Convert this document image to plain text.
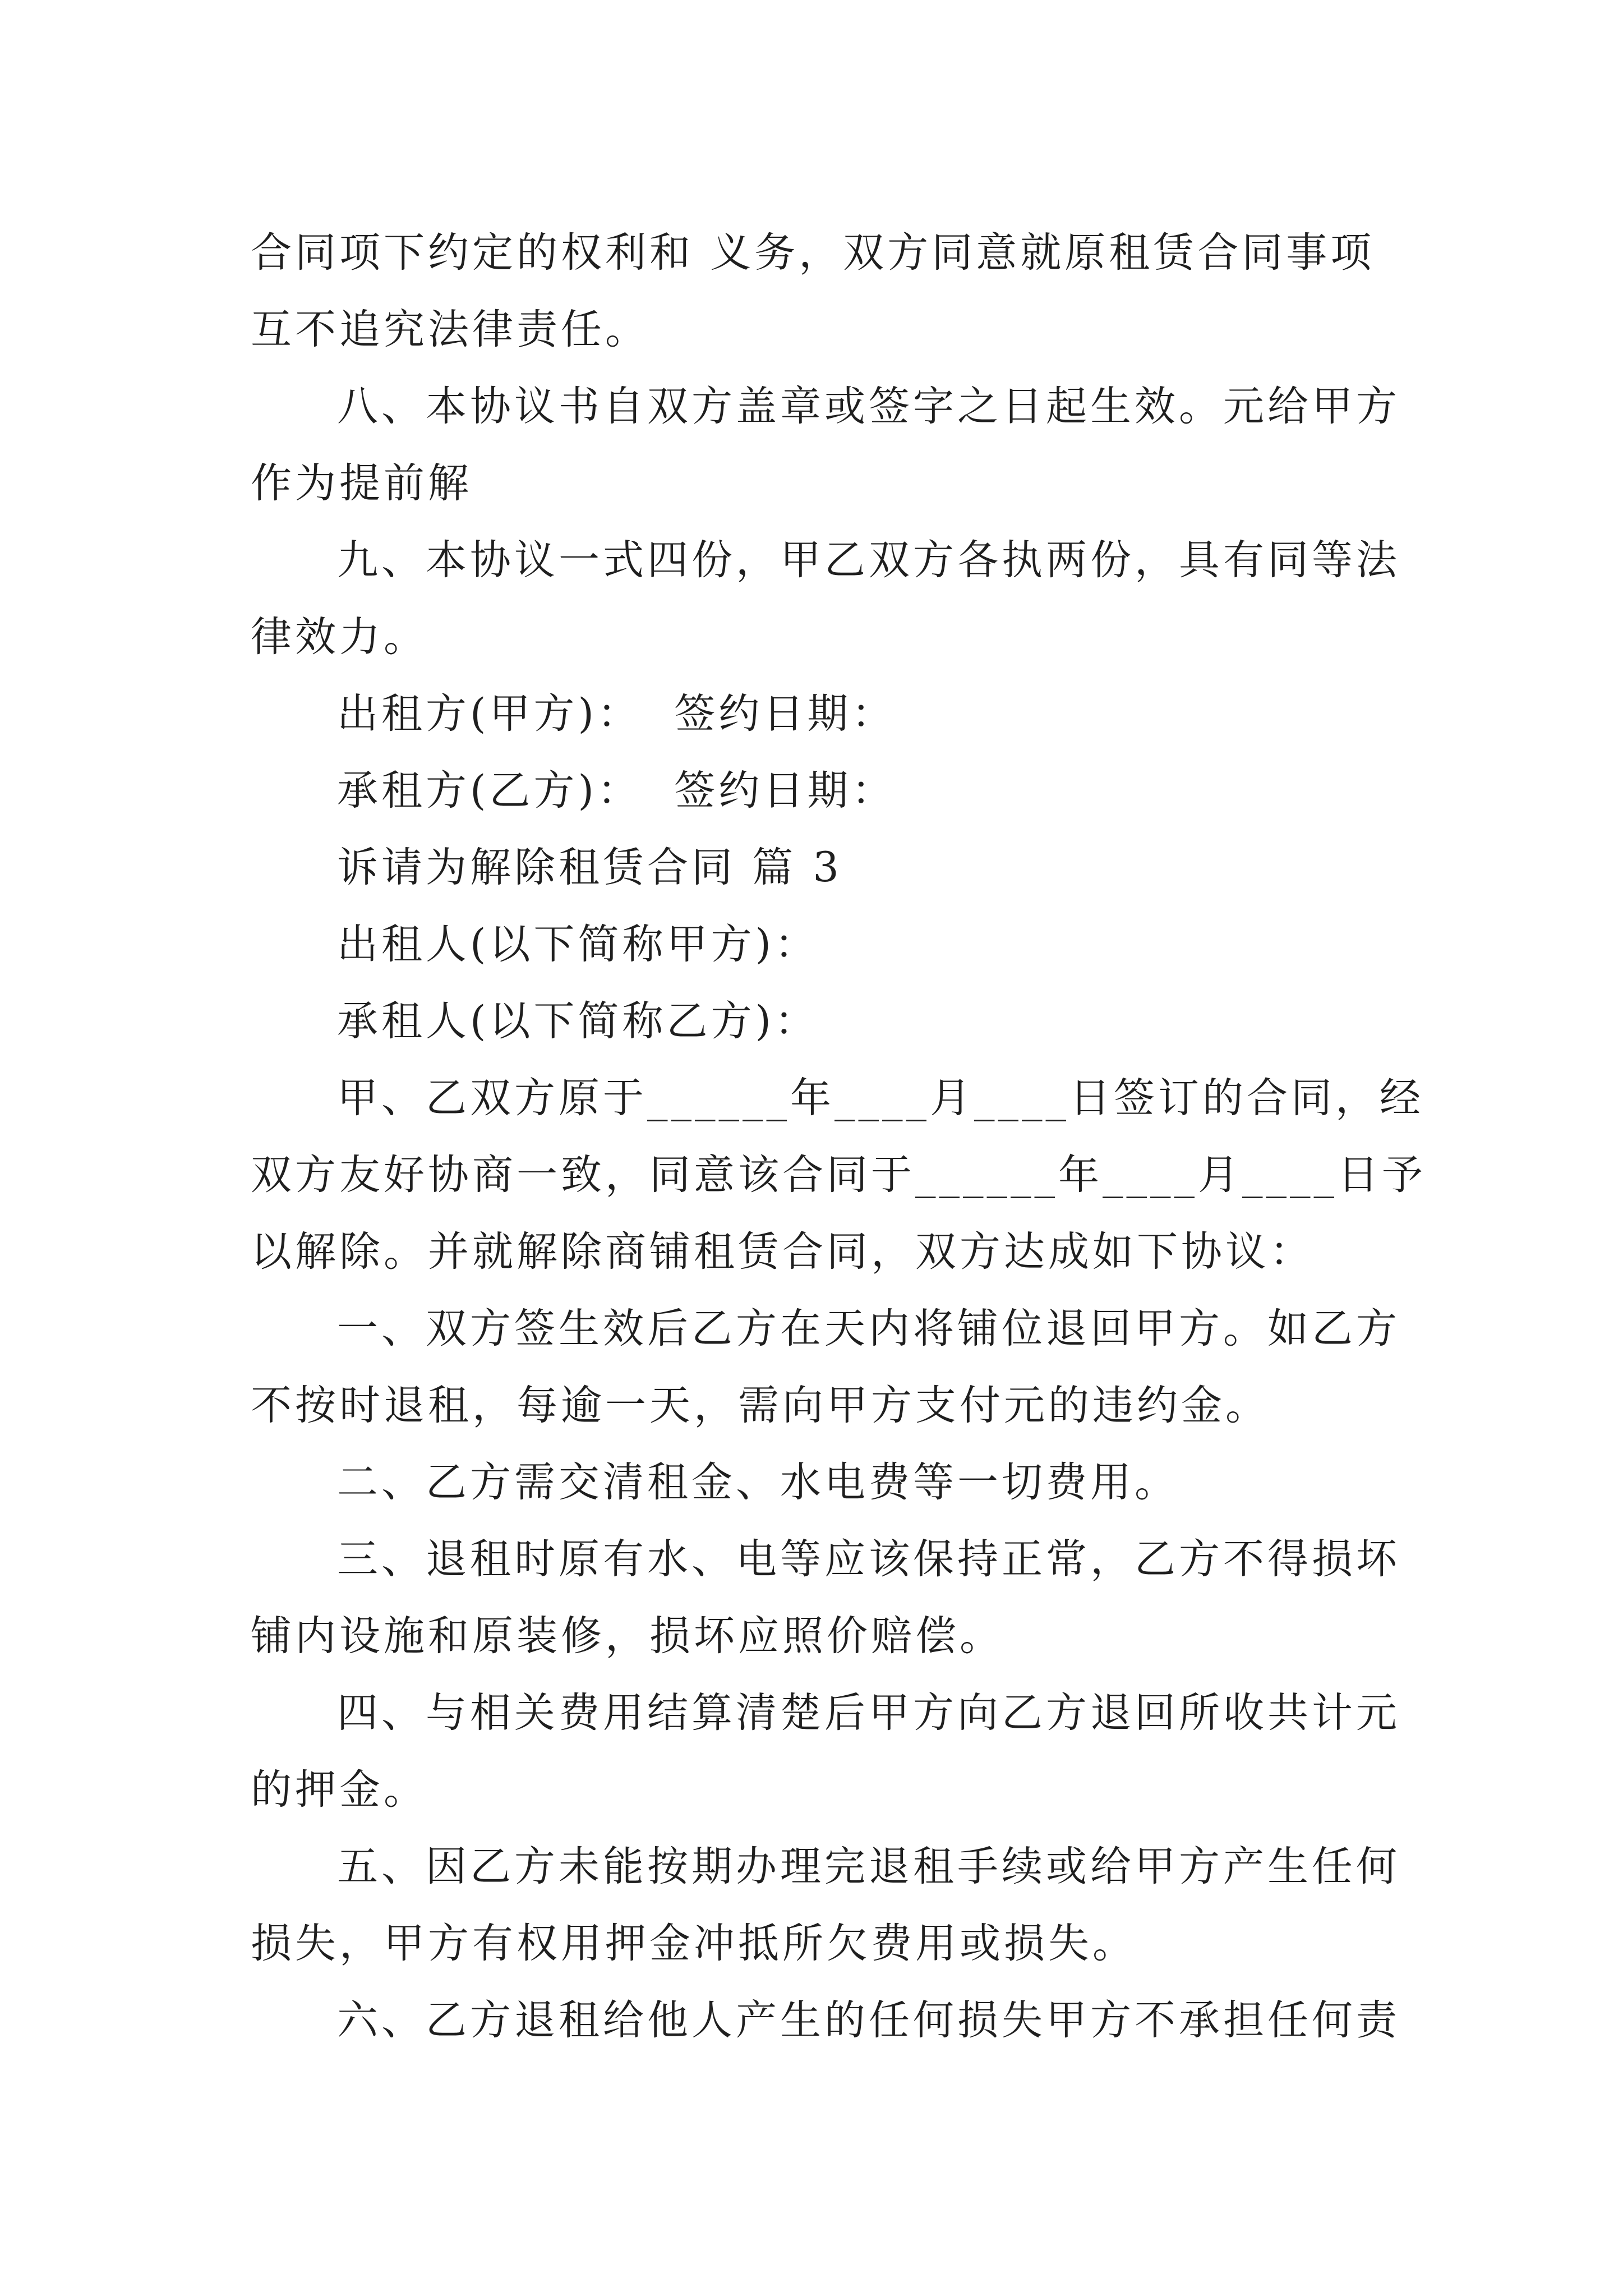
合同项下约定的权利和 义务，双方同意就原租赁合同事项
互不追究法律责任。
八、本协议书自双方盖章或签字之日起生效。元给甲方
作为提前解
九、本协议一式四份，甲乙双方各执两份，具有同等法
律效力。
出租方(甲方)：  签约日期：
承租方(乙方)：  签约日期：
诉请为解除租赁合同 篇 3
出租人(以下简称甲方)：
承租人(以下简称乙方)：
甲、乙双方原于______年____月____日签订的合同，经
双方友好协商一致，同意该合同于______年____月____日予
以解除。并就解除商铺租赁合同，双方达成如下协议：
一、双方签生效后乙方在天内将铺位退回甲方。如乙方
不按时退租，每逾一天，需向甲方支付元的违约金。
二、乙方需交清租金、水电费等一切费用。
三、退租时原有水、电等应该保持正常，乙方不得损坏
铺内设施和原装修，损坏应照价赔偿。
四、与相关费用结算清楚后甲方向乙方退回所收共计元
的押金。
五、因乙方未能按期办理完退租手续或给甲方产生任何
损失，甲方有权用押金冲抵所欠费用或损失。
六、乙方退租给他人产生的任何损失甲方不承担任何责
